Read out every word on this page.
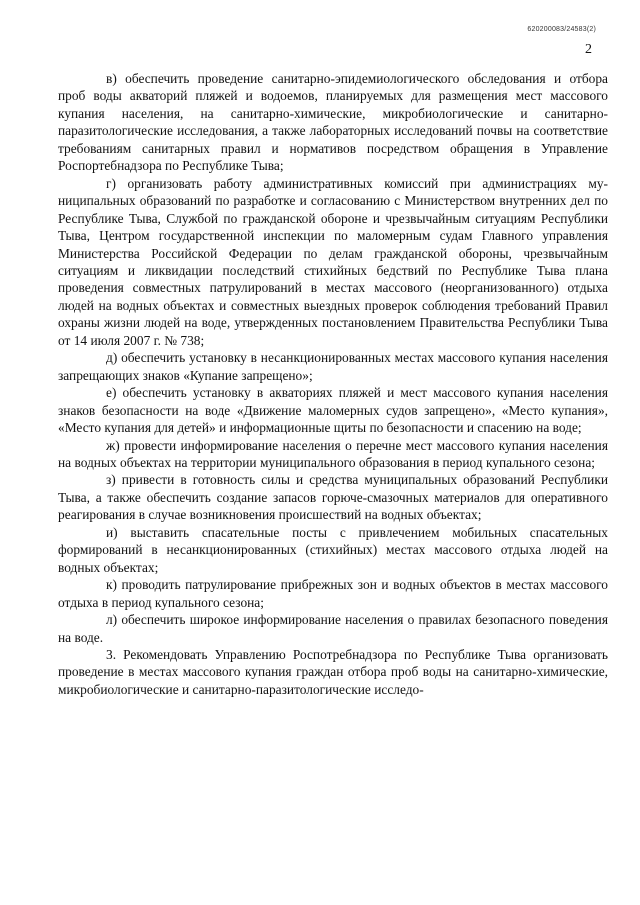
620200083/24583(2)
2

в) обеспечить проведение санитарно-эпидемиологического обследования и отбора проб воды акваторий пляжей и водоемов, планируемых для размещения мест массового купания населения, на санитарно-химические, микробиологические и санитарно-паразитологические исследования, а также лабораторных исследований почвы на соответствие требованиям санитарных правил и нормативов посредством обращения в Управление Роспортебнадзора по Республике Тыва;

г) организовать работу административных комиссий при администрациях муниципальных образований по разработке и согласованию с Министерством внутренних дел по Республике Тыва, Службой по гражданской обороне и чрезвычайным ситуациям Республики Тыва, Центром государственной инспекции по маломерным судам Главного управления Министерства Российской Федерации по делам гражданской обороны, чрезвычайным ситуациям и ликвидации последствий стихийных бедствий по Республике Тыва плана проведения совместных патрулирований в местах массового (неорганизованного) отдыха людей на водных объектах и совместных выездных проверок соблюдения требований Правил охраны жизни людей на воде, утвержденных постановлением Правительства Республики Тыва от 14 июля 2007 г. № 738;

д) обеспечить установку в несанкционированных местах массового купания населения запрещающих знаков «Купание запрещено»;

е) обеспечить установку в акваториях пляжей и мест массового купания населения знаков безопасности на воде «Движение маломерных судов запрещено», «Место купания», «Место купания для детей» и информационные щиты по безопасности и спасению на воде;

ж) провести информирование населения о перечне мест массового купания населения на водных объектах на территории муниципального образования в период купального сезона;

з) привести в готовность силы и средства муниципальных образований Республики Тыва, а также обеспечить создание запасов горюче-смазочных материалов для оперативного реагирования в случае возникновения происшествий на водных объектах;

и) выставить спасательные посты с привлечением мобильных спасательных формирований в несанкционированных (стихийных) местах массового отдыха людей на водных объектах;

к) проводить патрулирование прибрежных зон и водных объектов в местах массового отдыха в период купального сезона;

л) обеспечить широкое информирование населения о правилах безопасного поведения на воде.

3. Рекомендовать Управлению Роспотребнадзора по Республике Тыва организовать проведение в местах массового купания граждан отбора проб воды на санитарно-химические, микробиологические и санитарно-паразитологические исследо-
